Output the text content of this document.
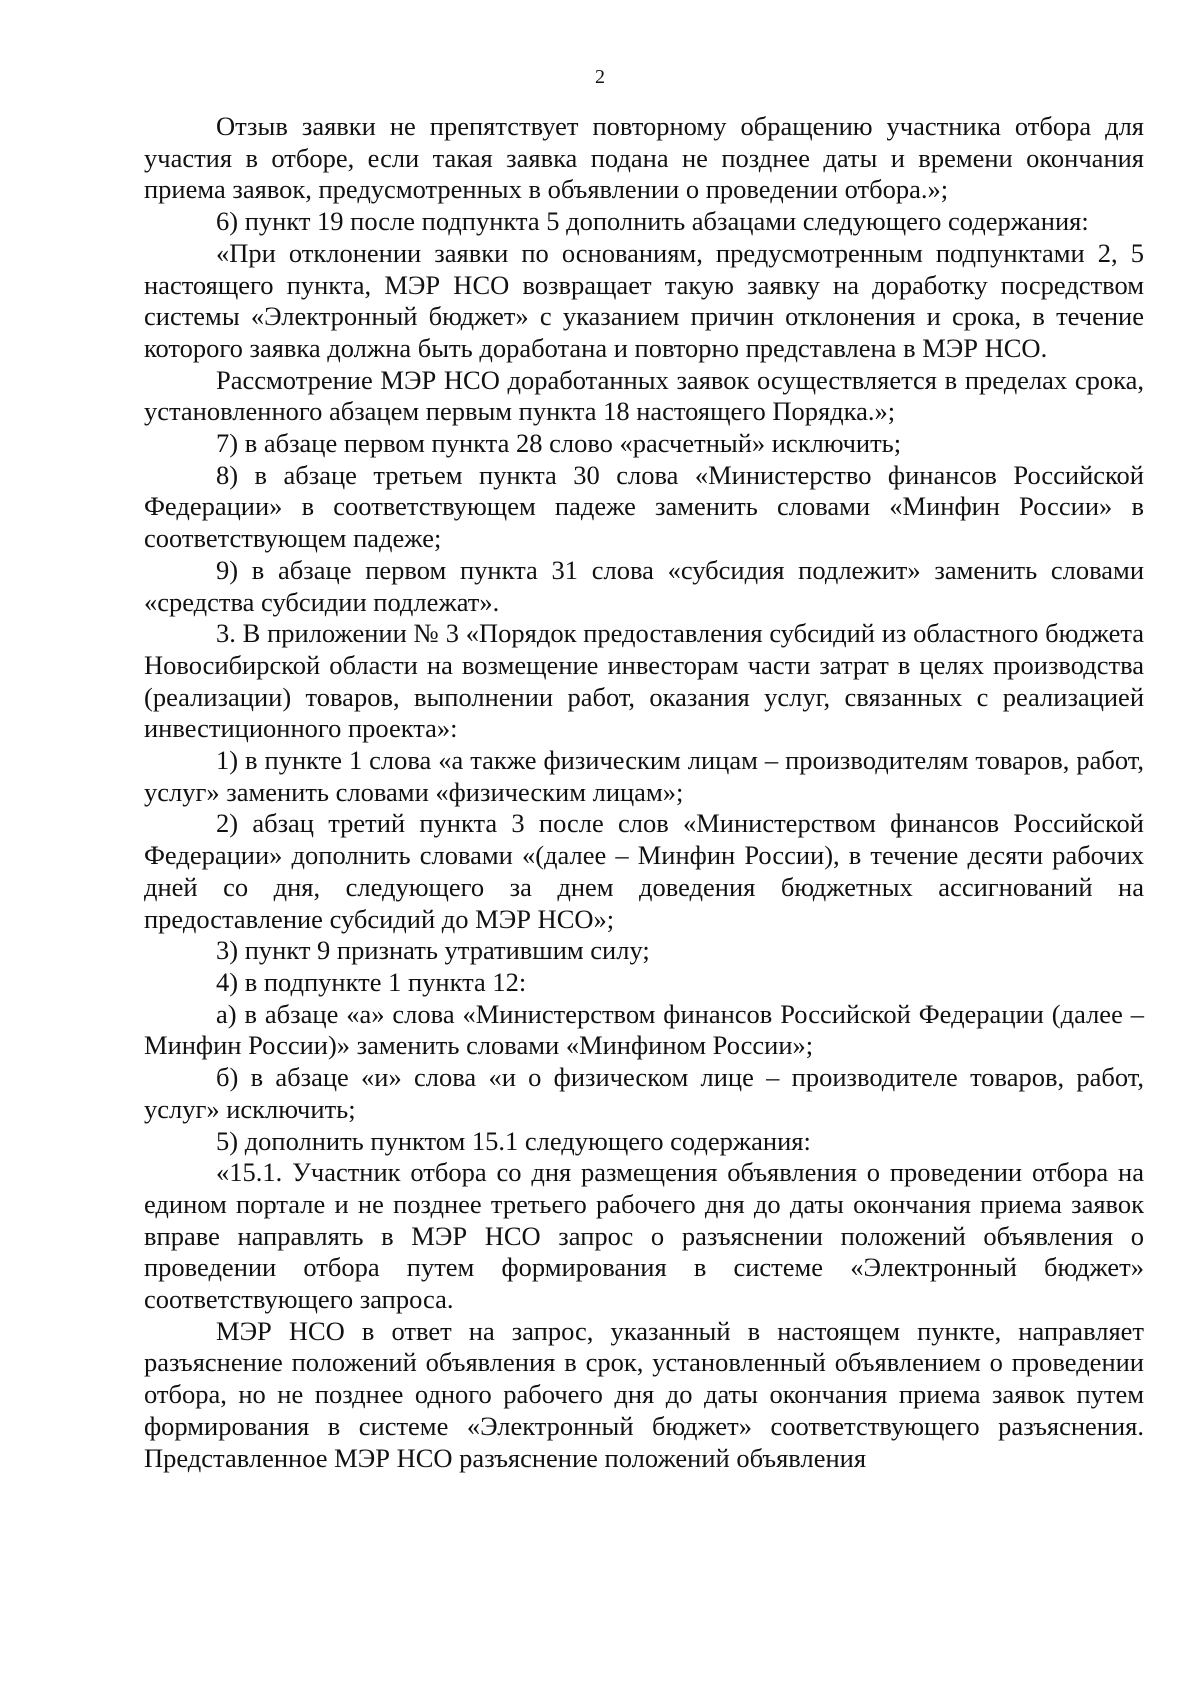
2

Отзыв заявки не препятствует повторному обращению участника отбора для участия в отборе, если такая заявка подана не позднее даты и времени окончания приема заявок, предусмотренных в объявлении о проведении отбора.»;

6) пункт 19 после подпункта 5 дополнить абзацами следующего содержания:

«При отклонении заявки по основаниям, предусмотренным подпунктами 2, 5 настоящего пункта, МЭР НСО возвращает такую заявку на доработку посредством системы «Электронный бюджет» с указанием причин отклонения и срока, в течение которого заявка должна быть доработана и повторно представлена в МЭР НСО.

Рассмотрение МЭР НСО доработанных заявок осуществляется в пределах срока, установленного абзацем первым пункта 18 настоящего Порядка.»;

7) в абзаце первом пункта 28 слово «расчетный» исключить;

8) в абзаце третьем пункта 30 слова «Министерство финансов Российской Федерации» в соответствующем падеже заменить словами «Минфин России» в соответствующем падеже;

9) в абзаце первом пункта 31 слова «субсидия подлежит» заменить словами «средства субсидии подлежат».

3. В приложении № 3 «Порядок предоставления субсидий из областного бюджета Новосибирской области на возмещение инвесторам части затрат в целях производства (реализации) товаров, выполнении работ, оказания услуг, связанных с реализацией инвестиционного проекта»:

1) в пункте 1 слова «а также физическим лицам – производителям товаров, работ, услуг» заменить словами «физическим лицам»;

2) абзац третий пункта 3 после слов «Министерством финансов Российской Федерации» дополнить словами «(далее – Минфин России), в течение десяти рабочих дней со дня, следующего за днем доведения бюджетных ассигнований на предоставление субсидий до МЭР НСО»;

3) пункт 9 признать утратившим силу;

4) в подпункте 1 пункта 12:

а) в абзаце «а» слова «Министерством финансов Российской Федерации (далее – Минфин России)» заменить словами «Минфином России»;

б) в абзаце «и» слова «и о физическом лице – производителе товаров, работ, услуг» исключить;

5) дополнить пунктом 15.1 следующего содержания:

«15.1. Участник отбора со дня размещения объявления о проведении отбора на едином портале и не позднее третьего рабочего дня до даты окончания приема заявок вправе направлять в МЭР НСО запрос о разъяснении положений объявления о проведении отбора путем формирования в системе «Электронный бюджет» соответствующего запроса.

МЭР НСО в ответ на запрос, указанный в настоящем пункте, направляет разъяснение положений объявления в срок, установленный объявлением о проведении отбора, но не позднее одного рабочего дня до даты окончания приема заявок путем формирования в системе «Электронный бюджет» соответствующего разъяснения. Представленное МЭР НСО разъяснение положений объявления
